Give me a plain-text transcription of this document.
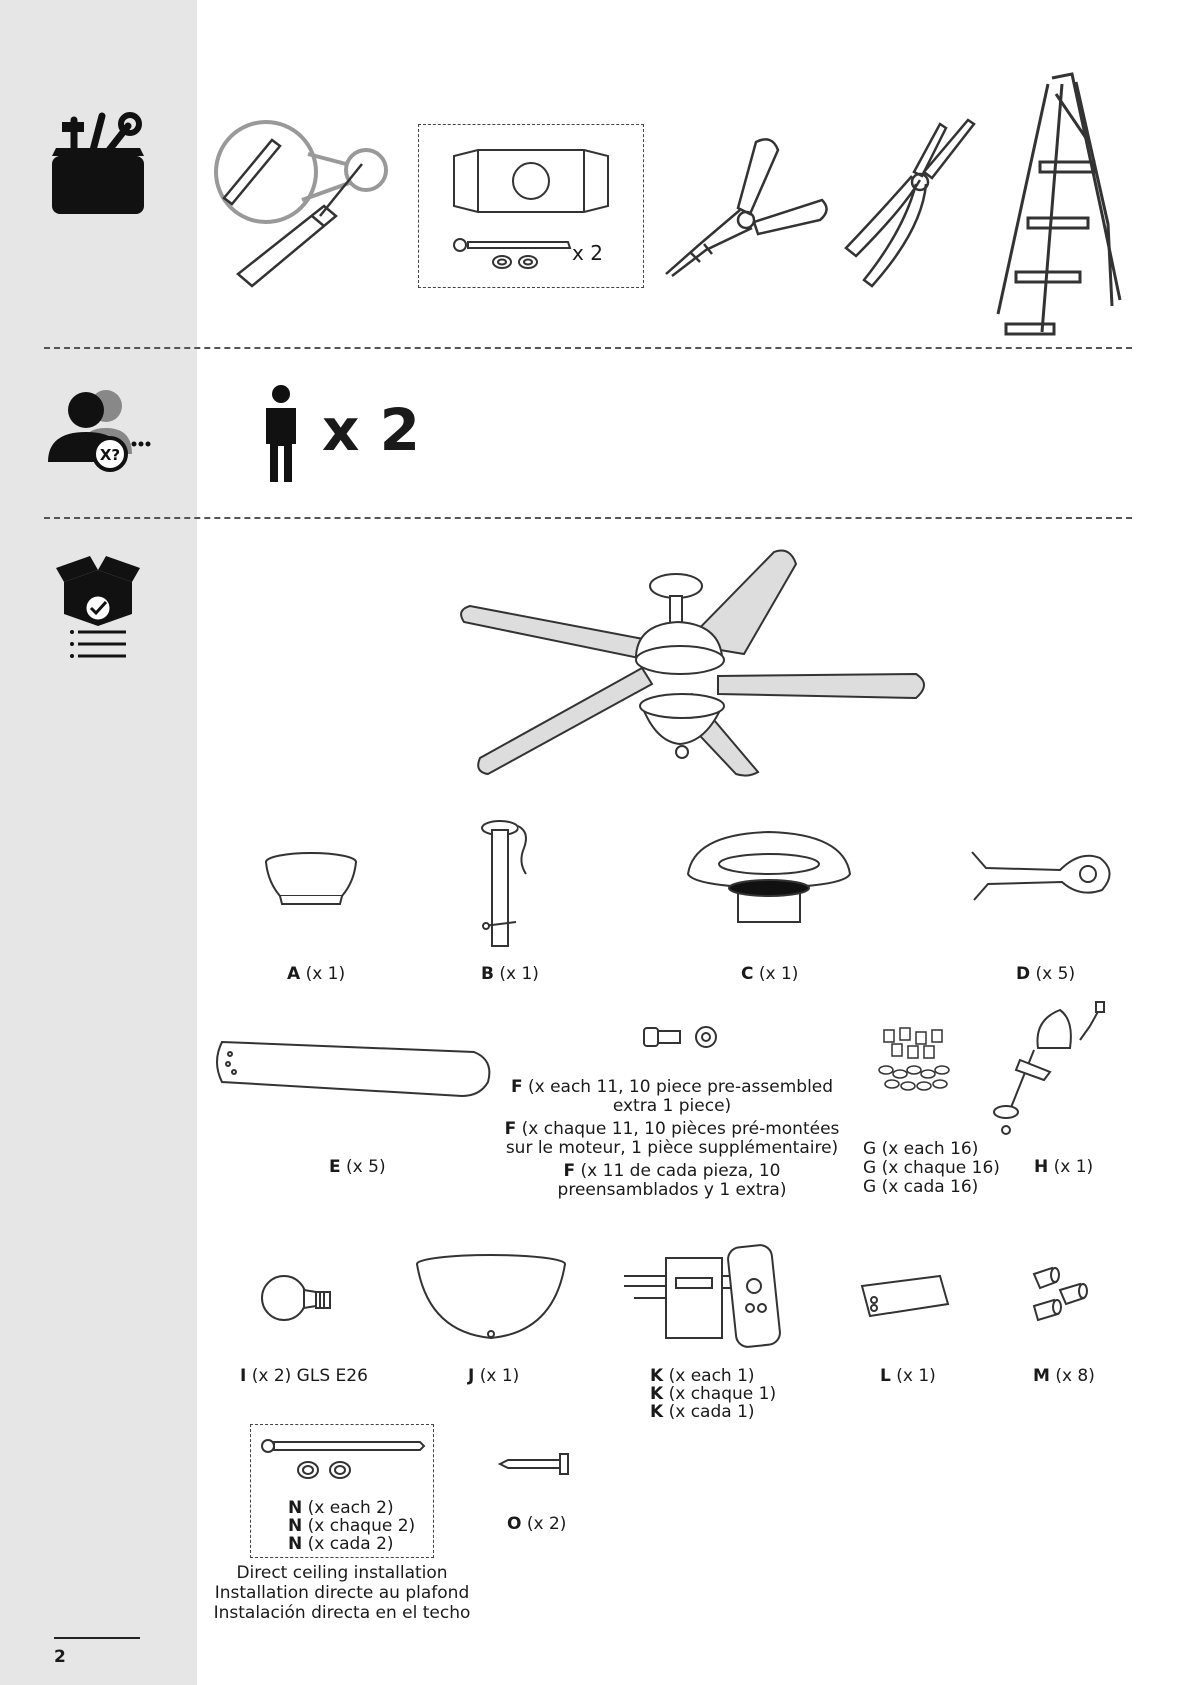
X?
x 2
x 2
A (x 1)	B (x 1)	C (x 1)	D (x 5)
E (x 5)
F (x each 11, 10 piece pre-assembled
extra 1 piece)
F (x chaque 11, 10 pièces pré-montées
sur le moteur, 1 pièce supplémentaire)
F (x 11 de cada pieza, 10
preensamblados y 1 extra)
G (x each 16)
G (x chaque 16)
G (x cada 16)
H (x 1)
I (x 2) GLS E26	J (x 1)	K (x each 1)
K (x chaque 1)
K (x cada 1)
L (x 1)	M (x 8)
N (x each 2)
N (x chaque 2)
N (x cada 2)
Direct ceiling installation
Installation directe au plafond
Instalación directa en el techo
O (x 2)
2
